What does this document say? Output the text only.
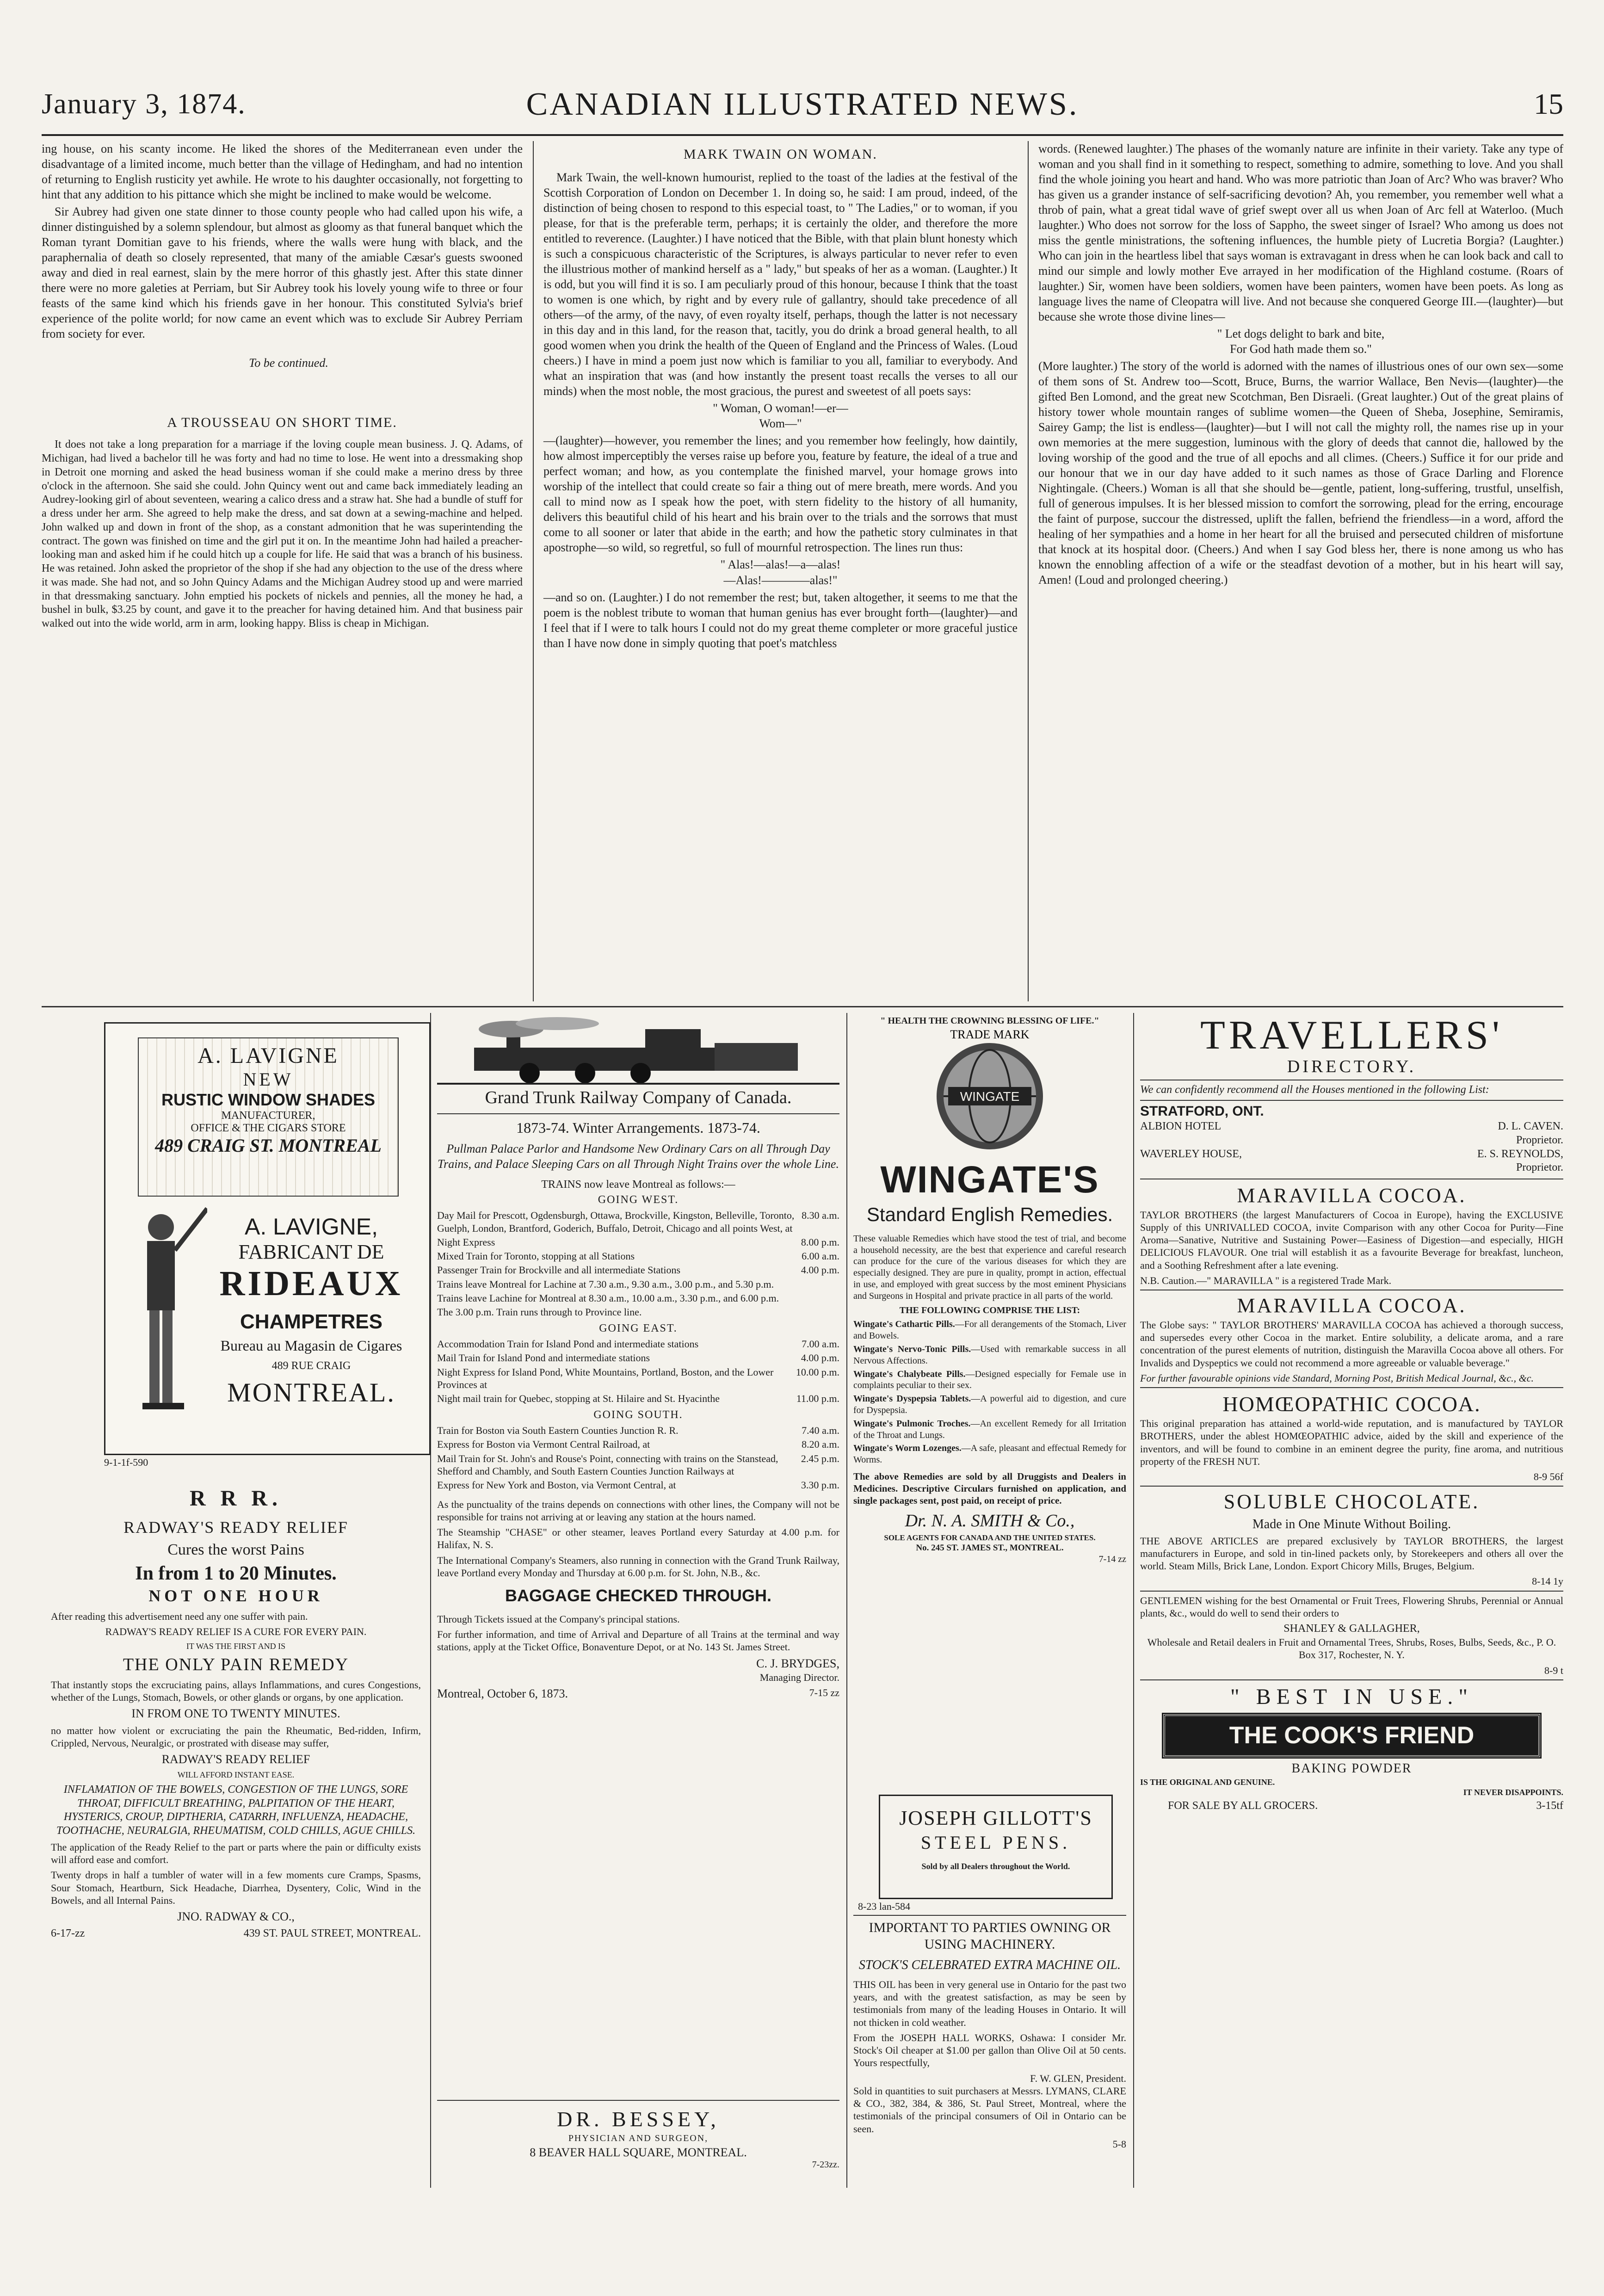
January 3, 1874.	CANADIAN ILLUSTRATED NEWS.	15

ing house, on his scanty income. He liked the shores of the Mediterranean even under the disadvantage of a limited income, much better than the village of Hedingham, and had no intention of returning to English rusticity yet awhile. He wrote to his daughter occasionally, not forgetting to hint that any addition to his pittance which she might be inclined to make would be welcome.

Sir Aubrey had given one state dinner to those county people who had called upon his wife, a dinner distinguished by a solemn splendour, but almost as gloomy as that funeral banquet which the Roman tyrant Domitian gave to his friends, where the walls were hung with black, and the paraphernalia of death so closely represented, that many of the amiable Cæsar's guests swooned away and died in real earnest, slain by the mere horror of this ghastly jest. After this state dinner there were no more galeties at Perriam, but Sir Aubrey took his lovely young wife to three or four feasts of the same kind which his friends gave in her honour. This constituted Sylvia's brief experience of the polite world; for now came an event which was to exclude Sir Aubrey Perriam from society for ever.

To be continued.

A TROUSSEAU ON SHORT TIME.

It does not take a long preparation for a marriage if the loving couple mean business. J. Q. Adams, of Michigan, had lived a bachelor till he was forty and had no time to lose. He went into a dressmaking shop in Detroit one morning and asked the head business woman if she could make a merino dress by three o'clock in the afternoon. She said she could. John Quincy went out and came back immediately leading an Audrey-looking girl of about seventeen, wearing a calico dress and a straw hat. She had a bundle of stuff for a dress under her arm. She agreed to help make the dress, and sat down at a sewing-machine and helped. John walked up and down in front of the shop, as a constant admonition that he was superintending the contract. The gown was finished on time and the girl put it on. In the meantime John had hailed a preacher-looking man and asked him if he could hitch up a couple for life. He said that was a branch of his business. He was retained. John asked the proprietor of the shop if she had any objection to the use of the dress where it was made. She had not, and so John Quincy Adams and the Michigan Audrey stood up and were married in that dressmaking sanctuary. John emptied his pockets of nickels and pennies, all the money he had, a bushel in bulk, $3.25 by count, and gave it to the preacher for having detained him. And that business pair walked out into the wide world, arm in arm, looking happy. Bliss is cheap in Michigan.

MARK TWAIN ON WOMAN.

Mark Twain, the well-known humourist, replied to the toast of the ladies at the festival of the Scottish Corporation of London on December 1. In doing so, he said: I am proud, indeed, of the distinction of being chosen to respond to this especial toast, to " The Ladies," or to woman, if you please, for that is the preferable term, perhaps; it is certainly the older, and therefore the more entitled to reverence. (Laughter.) I have noticed that the Bible, with that plain blunt honesty which is such a conspicuous characteristic of the Scriptures, is always particular to never refer to even the illustrious mother of mankind herself as a " lady," but speaks of her as a woman. (Laughter.) It is odd, but you will find it is so. I am peculiarly proud of this honour, because I think that the toast to women is one which, by right and by every rule of gallantry, should take precedence of all others—of the army, of the navy, of even royalty itself, perhaps, though the latter is not necessary in this day and in this land, for the reason that, tacitly, you do drink a broad general health, to all good women when you drink the health of the Queen of England and the Princess of Wales. (Loud cheers.) I have in mind a poem just now which is familiar to you all, familiar to everybody. And what an inspiration that was (and how instantly the present toast recalls the verses to all our minds) when the most noble, the most gracious, the purest and sweetest of all poets says:

" Woman, O woman!—er—
Wom—"

—(laughter)—however, you remember the lines; and you remember how feelingly, how daintily, how almost imperceptibly the verses raise up before you, feature by feature, the ideal of a true and perfect woman; and how, as you contemplate the finished marvel, your homage grows into worship of the intellect that could create so fair a thing out of mere breath, mere words. And you call to mind now as I speak how the poet, with stern fidelity to the history of all humanity, delivers this beautiful child of his heart and his brain over to the trials and the sorrows that must come to all sooner or later that abide in the earth; and how the pathetic story culminates in that apostrophe—so wild, so regretful, so full of mournful retrospection. The lines run thus:

" Alas!—alas!—a—alas!
—Alas!————alas!"

—and so on. (Laughter.) I do not remember the rest; but, taken altogether, it seems to me that the poem is the noblest tribute to woman that human genius has ever brought forth—(laughter)—and I feel that if I were to talk hours I could not do my great theme completer or more graceful justice than I have now done in simply quoting that poet's matchless

words. (Renewed laughter.) The phases of the womanly nature are infinite in their variety. Take any type of woman and you shall find in it something to respect, something to admire, something to love. And you shall find the whole joining you heart and hand. Who was more patriotic than Joan of Arc? Who was braver? Who has given us a grander instance of self-sacrificing devotion? Ah, you remember, you remember well what a throb of pain, what a great tidal wave of grief swept over all us when Joan of Arc fell at Waterloo. (Much laughter.) Who does not sorrow for the loss of Sappho, the sweet singer of Israel? Who among us does not miss the gentle ministrations, the softening influences, the humble piety of Lucretia Borgia? (Laughter.) Who can join in the heartless libel that says woman is extravagant in dress when he can look back and call to mind our simple and lowly mother Eve arrayed in her modification of the Highland costume. (Roars of laughter.) Sir, women have been soldiers, women have been painters, women have been poets. As long as language lives the name of Cleopatra will live. And not because she conquered George III.—(laughter)—but because she wrote those divine lines—

" Let dogs delight to bark and bite,
For God hath made them so."

(More laughter.) The story of the world is adorned with the names of illustrious ones of our own sex—some of them sons of St. Andrew too—Scott, Bruce, Burns, the warrior Wallace, Ben Nevis—(laughter)—the gifted Ben Lomond, and the great new Scotchman, Ben Disraeli. (Great laughter.) Out of the great plains of history tower whole mountain ranges of sublime women—the Queen of Sheba, Josephine, Semiramis, Sairey Gamp; the list is endless—(laughter)—but I will not call the mighty roll, the names rise up in your own memories at the mere suggestion, luminous with the glory of deeds that cannot die, hallowed by the loving worship of the good and the true of all epochs and all climes. (Cheers.) Suffice it for our pride and our honour that we in our day have added to it such names as those of Grace Darling and Florence Nightingale. (Cheers.) Woman is all that she should be—gentle, patient, long-suffering, trustful, unselfish, full of generous impulses. It is her blessed mission to comfort the sorrowing, plead for the erring, encourage the faint of purpose, succour the distressed, uplift the fallen, befriend the friendless—in a word, afford the healing of her sympathies and a home in her heart for all the bruised and persecuted children of misfortune that knock at its hospital door. (Cheers.) And when I say God bless her, there is none among us who has known the ennobling affection of a wife or the steadfast devotion of a mother, but in his heart will say, Amen! (Loud and prolonged cheering.)

A. LAVIGNE
NEW
RUSTIC WINDOW SHADES
MANUFACTURER,
OFFICE & THE CIGARS STORE
489 CRAIG ST. MONTREAL
A. LAVIGNE,
FABRICANT DE
RIDEAUX
CHAMPETRES
Bureau au Magasin de Cigares
489 RUE CRAIG
MONTREAL.
9-1-1f-590
R R R.
RADWAY'S READY RELIEF
Cures the worst Pains
In from 1 to 20 Minutes.
NOT ONE HOUR
After reading this advertisement need any one suffer with pain.
RADWAY'S READY RELIEF IS A CURE FOR EVERY PAIN.
IT WAS THE FIRST AND IS
THE ONLY PAIN REMEDY
That instantly stops the excruciating pains, allays Inflammations, and cures Congestions, whether of the Lungs, Stomach, Bowels, or other glands or organs, by one application.
IN FROM ONE TO TWENTY MINUTES.
no matter how violent or excruciating the pain the Rheumatic, Bed-ridden, Infirm, Crippled, Nervous, Neuralgic, or prostrated with disease may suffer,
RADWAY'S READY RELIEF
WILL AFFORD INSTANT EASE.
INFLAMATION OF THE BOWELS, CONGESTION OF THE LUNGS, SORE THROAT, DIFFICULT BREATHING, PALPITATION OF THE HEART, HYSTERICS, CROUP, DIPTHERIA, CATARRH, INFLUENZA, HEADACHE, TOOTHACHE, NEURALGIA, RHEUMATISM, COLD CHILLS, AGUE CHILLS.
The application of the Ready Relief to the part or parts where the pain or difficulty exists will afford ease and comfort.
Twenty drops in half a tumbler of water will in a few moments cure Cramps, Spasms, Sour Stomach, Heartburn, Sick Headache, Diarrhea, Dysentery, Colic, Wind in the Bowels, and all Internal Pains.
JNO. RADWAY & CO.,
6-17-zz	439 ST. PAUL STREET, MONTREAL.
Grand Trunk Railway Company of Canada.
1873-74. Winter Arrangements. 1873-74.
Pullman Palace Parlor and Handsome New Ordinary Cars on all Through Day Trains, and Palace Sleeping Cars on all Through Night Trains over the whole Line.
TRAINS now leave Montreal as follows:—
GOING WEST.
Day Mail for Prescott, Ogdensburgh, Ottawa, Brockville, Kingston, Belleville, Toronto, Guelph, London, Brantford, Goderich, Buffalo, Detroit, Chicago and all points West, at
8.30 a.m.
Night Express	8.00 p.m.
Mixed Train for Toronto, stopping at all Stations	6.00 a.m.
Passenger Train for Brockville and all intermediate Stations	4.00 p.m.
Trains leave Montreal for Lachine at 7.30 a.m., 9.30 a.m., 3.00 p.m., and 5.30 p.m.
Trains leave Lachine for Montreal at 8.30 a.m., 10.00 a.m., 3.30 p.m., and 6.00 p.m.
The 3.00 p.m. Train runs through to Province line.
GOING EAST.
Accommodation Train for Island Pond and intermediate stations	7.00 a.m.
Mail Train for Island Pond and intermediate stations	4.00 p.m.
Night Express for Island Pond, White Mountains, Portland, Boston, and the Lower Provinces at
10.00 p.m.
Night mail train for Quebec, stopping at St. Hilaire and St. Hyacinthe	11.00 p.m.
GOING SOUTH.
Train for Boston via South Eastern Counties Junction R. R.	7.40 a.m.
Express for Boston via Vermont Central Railroad, at	8.20 a.m.
Mail Train for St. John's and Rouse's Point, connecting with trains on the Stanstead, Shefford and Chambly, and South Eastern Counties Junction Railways at
2.45 p.m.
Express for New York and Boston, via Vermont Central, at	3.30 p.m.
As the punctuality of the trains depends on connections with other lines, the Company will not be responsible for trains not arriving at or leaving any station at the hours named.
The Steamship "CHASE" or other steamer, leaves Portland every Saturday at 4.00 p.m. for Halifax, N. S.
The International Company's Steamers, also running in connection with the Grand Trunk Railway, leave Portland every Monday and Thursday at 6.00 p.m. for St. John, N.B., &c.
BAGGAGE CHECKED THROUGH.
Through Tickets issued at the Company's principal stations.
For further information, and time of Arrival and Departure of all Trains at the terminal and way stations, apply at the Ticket Office, Bonaventure Depot, or at No. 143 St. James Street.
C. J. BRYDGES,
Managing Director.
Montreal, October 6, 1873.	7-15 zz
DR. BESSEY,
PHYSICIAN AND SURGEON,
8 BEAVER HALL SQUARE, MONTREAL.
7-23zz.
" HEALTH THE CROWNING BLESSING OF LIFE."
TRADE MARK
WINGATE
WINGATE'S
Standard English Remedies.
These valuable Remedies which have stood the test of trial, and become a household necessity, are the best that experience and careful research can produce for the cure of the various diseases for which they are especially designed. They are pure in quality, prompt in action, effectual in use, and employed with great success by the most eminent Physicians and Surgeons in Hospital and private practice in all parts of the world.
THE FOLLOWING COMPRISE THE LIST:
Wingate's Cathartic Pills.—For all derangements of the Stomach, Liver and Bowels.
Wingate's Nervo-Tonic Pills.—Used with remarkable success in all Nervous Affections.
Wingate's Chalybeate Pills.—Designed especially for Female use in complaints peculiar to their sex.
Wingate's Dyspepsia Tablets.—A powerful aid to digestion, and cure for Dyspepsia.
Wingate's Pulmonic Troches.—An excellent Remedy for all Irritation of the Throat and Lungs.
Wingate's Worm Lozenges.—A safe, pleasant and effectual Remedy for Worms.
The above Remedies are sold by all Druggists and Dealers in Medicines. Descriptive Circulars furnished on application, and single packages sent, post paid, on receipt of price.
Dr. N. A. SMITH & Co.,
SOLE AGENTS FOR CANADA AND THE UNITED STATES.
No. 245 ST. JAMES ST., MONTREAL.
7-14 zz
JOSEPH GILLOTT'S
STEEL PENS.
Sold by all Dealers throughout the World.
8-23 lan-584
IMPORTANT TO PARTIES OWNING OR USING MACHINERY.
STOCK'S CELEBRATED EXTRA MACHINE OIL.
THIS OIL has been in very general use in Ontario for the past two years, and with the greatest satisfaction, as may be seen by testimonials from many of the leading Houses in Ontario. It will not thicken in cold weather.
From the JOSEPH HALL WORKS, Oshawa: I consider Mr. Stock's Oil cheaper at $1.00 per gallon than Olive Oil at 50 cents. Yours respectfully,
F. W. GLEN, President.
Sold in quantities to suit purchasers at Messrs. LYMANS, CLARE & CO., 382, 384, & 386, St. Paul Street, Montreal, where the testimonials of the principal consumers of Oil in Ontario can be seen.
5-8
TRAVELLERS'
DIRECTORY.
We can confidently recommend all the Houses mentioned in the following List:
STRATFORD, ONT.
ALBION HOTEL	D. L. CAVEN.
Proprietor.
WAVERLEY HOUSE,	E. S. REYNOLDS,
Proprietor.
MARAVILLA COCOA.
TAYLOR BROTHERS (the largest Manufacturers of Cocoa in Europe), having the EXCLUSIVE Supply of this UNRIVALLED COCOA, invite Comparison with any other Cocoa for Purity—Fine Aroma—Sanative, Nutritive and Sustaining Power—Easiness of Digestion—and especially, HIGH DELICIOUS FLAVOUR. One trial will establish it as a favourite Beverage for breakfast, luncheon, and a Soothing Refreshment after a late evening.
N.B. Caution.—" MARAVILLA " is a registered Trade Mark.
MARAVILLA COCOA.
The Globe says: " TAYLOR BROTHERS' MARAVILLA COCOA has achieved a thorough success, and supersedes every other Cocoa in the market. Entire solubility, a delicate aroma, and a rare concentration of the purest elements of nutrition, distinguish the Maravilla Cocoa above all others. For Invalids and Dyspeptics we could not recommend a more agreeable or valuable beverage."
For further favourable opinions vide Standard, Morning Post, British Medical Journal, &c., &c.
HOMŒOPATHIC COCOA.
This original preparation has attained a world-wide reputation, and is manufactured by TAYLOR BROTHERS, under the ablest HOMŒOPATHIC advice, aided by the skill and experience of the inventors, and will be found to combine in an eminent degree the purity, fine aroma, and nutritious property of the FRESH NUT.
8-9 56f
SOLUBLE CHOCOLATE.
Made in One Minute Without Boiling.
THE ABOVE ARTICLES are prepared exclusively by TAYLOR BROTHERS, the largest manufacturers in Europe, and sold in tin-lined packets only, by Storekeepers and others all over the world. Steam Mills, Brick Lane, London. Export Chicory Mills, Bruges, Belgium.
8-14 1y
GENTLEMEN wishing for the best Ornamental or Fruit Trees, Flowering Shrubs, Perennial or Annual plants, &c., would do well to send their orders to
SHANLEY & GALLAGHER,
Wholesale and Retail dealers in Fruit and Ornamental Trees, Shrubs, Roses, Bulbs, Seeds, &c., P. O. Box 317, Rochester, N. Y.
8-9 t
" BEST IN USE."
THE COOK'S FRIEND
BAKING POWDER
IS THE ORIGINAL AND GENUINE.
IT NEVER DISAPPOINTS.
FOR SALE BY ALL GROCERS.	3-15tf
